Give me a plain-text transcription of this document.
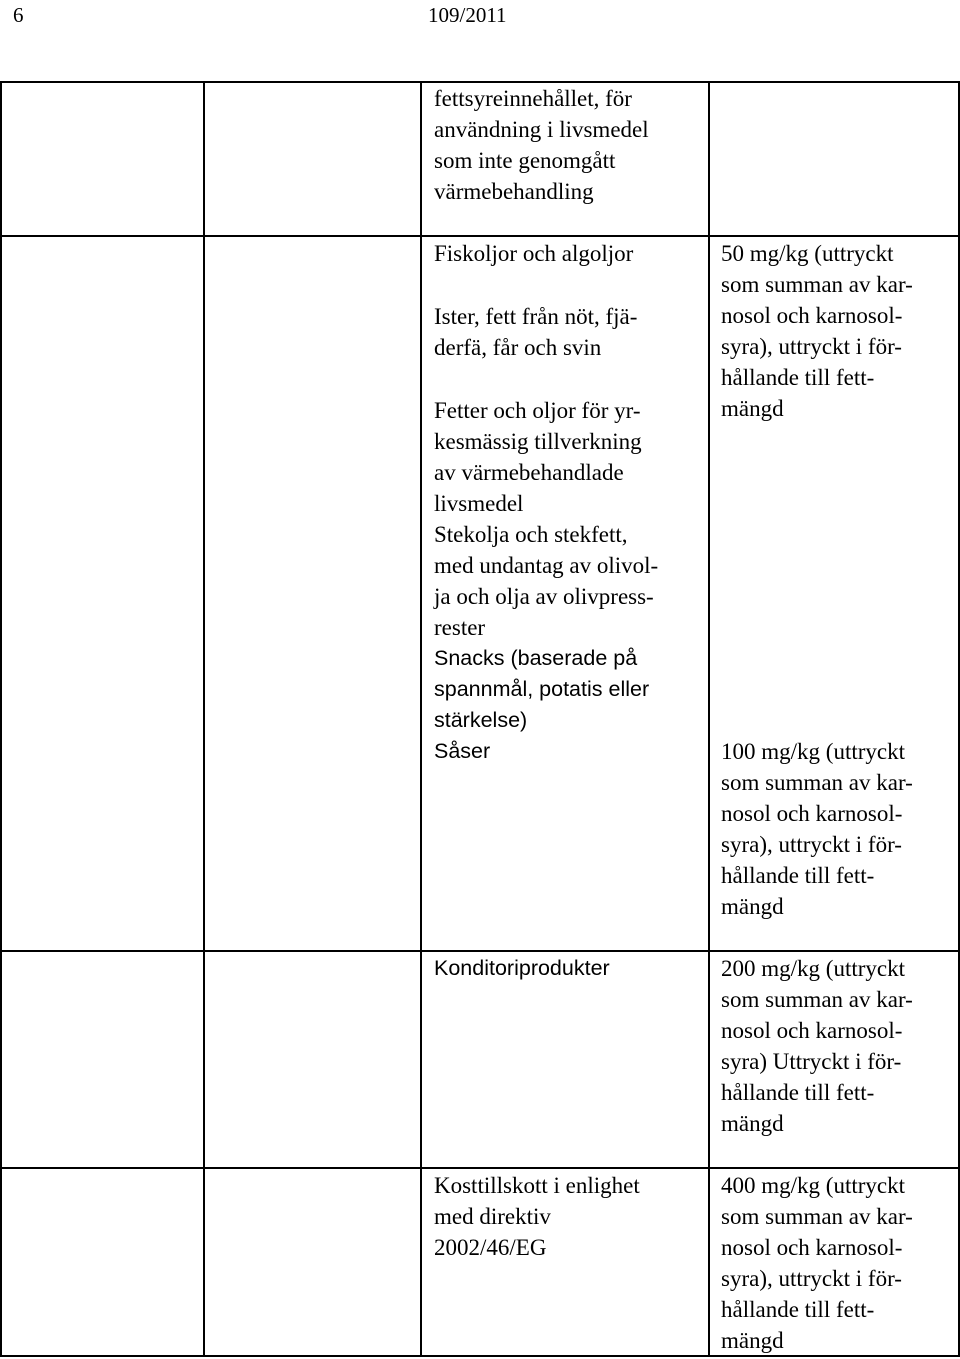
6	109/2011
fettsyreinnehållet, för
användning i livsmedel
som inte genomgått
värmebehandling
Fiskoljor och algoljor
Ister, fett från nöt, fjä-
derfä, får och svin
Fetter och oljor för yr-
kesmässig tillverkning
av värmebehandlade
livsmedel
Stekolja och stekfett,
med undantag av olivol-
ja och olja av olivpress-
rester
Snacks (baserade på
spannmål, potatis eller
stärkelse)
Såser
50 mg/kg (uttryckt
som summan av kar-
nosol och karnosol-
syra), uttryckt i för-
hållande till fett-
mängd
100 mg/kg (uttryckt
som summan av kar-
nosol och karnosol-
syra), uttryckt i för-
hållande till fett-
mängd
Konditoriprodukter	200 mg/kg (uttryckt
som summan av kar-
nosol och karnosol-
syra) Uttryckt i för-
hållande till fett-
mängd
Kosttillskott i enlighet
med direktiv
2002/46/EG
400 mg/kg (uttryckt
som summan av kar-
nosol och karnosol-
syra), uttryckt i för-
hållande till fett-
mängd
